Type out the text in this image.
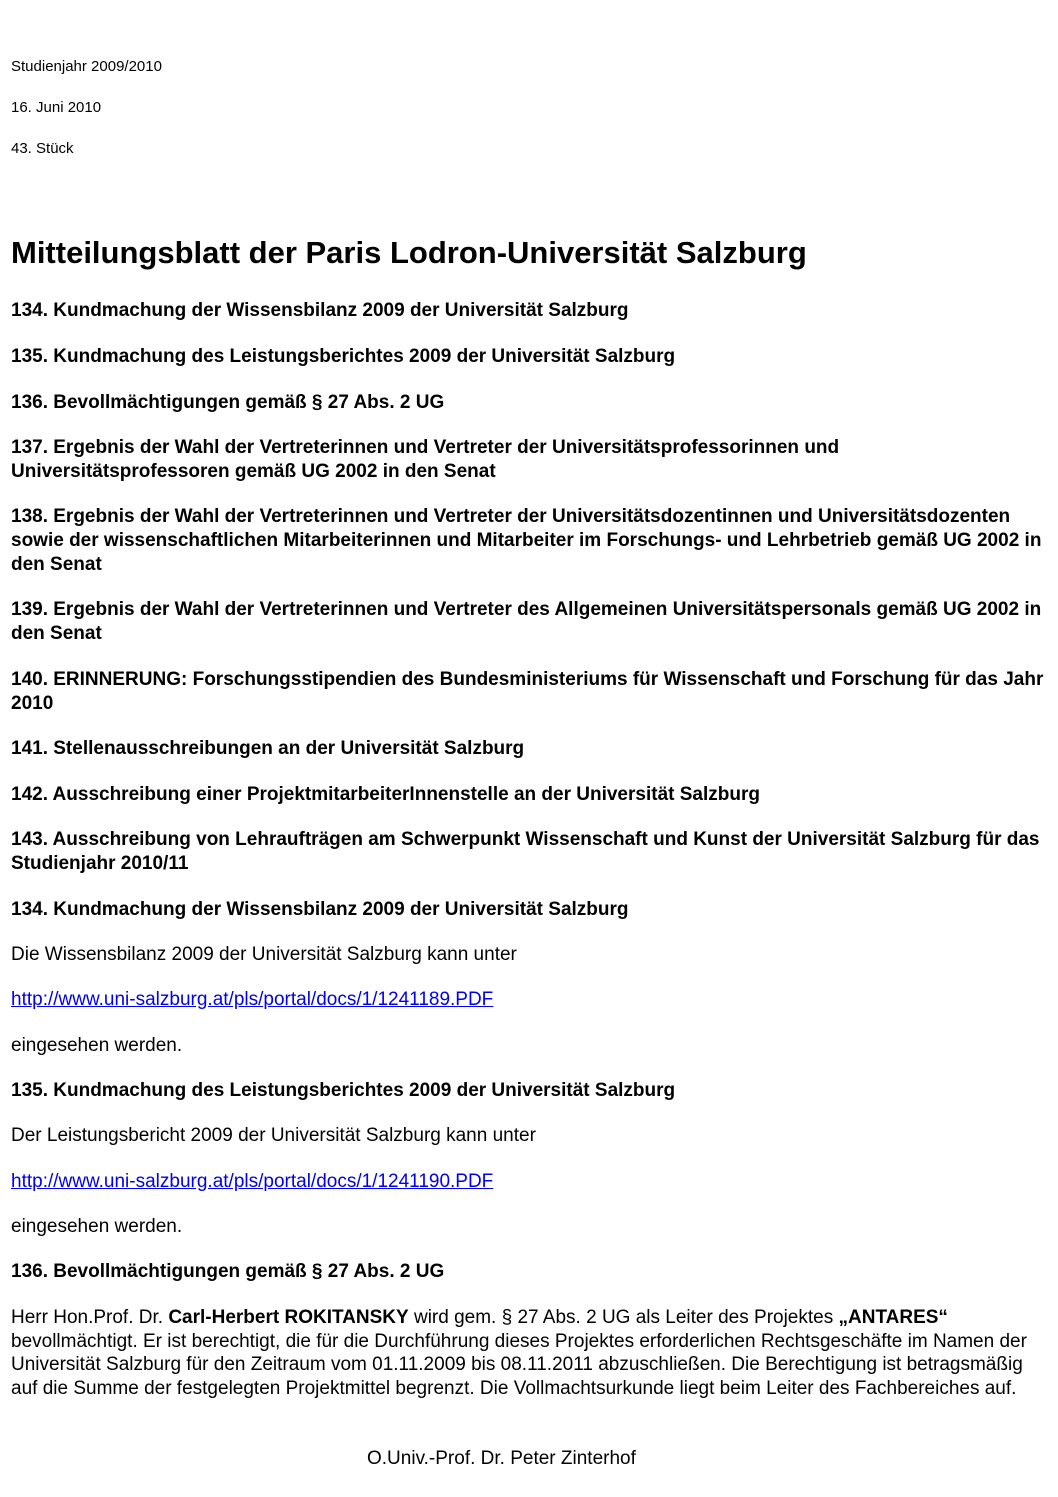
Studienjahr 2009/2010
16. Juni 2010
43. Stück
Mitteilungsblatt der Paris Lodron-Universität Salzburg
134. Kundmachung der Wissensbilanz 2009 der Universität Salzburg
135. Kundmachung des Leistungsberichtes 2009 der Universität Salzburg
136. Bevollmächtigungen gemäß § 27 Abs. 2 UG
137. Ergebnis der Wahl der Vertreterinnen und Vertreter der Universitätsprofessorinnen und Universitätsprofessoren gemäß UG 2002 in den Senat
138. Ergebnis der Wahl der Vertreterinnen und Vertreter der Universitätsdozentinnen und Universitätsdozenten sowie der wissenschaftlichen Mitarbeiterinnen und Mitarbeiter im Forschungs- und Lehrbetrieb gemäß UG 2002 in den Senat
139. Ergebnis der Wahl der Vertreterinnen und Vertreter des Allgemeinen Universitätspersonals gemäß UG 2002 in den Senat
140. ERINNERUNG: Forschungsstipendien des Bundesministeriums für Wissenschaft und Forschung für das Jahr 2010
141. Stellenausschreibungen an der Universität Salzburg
142. Ausschreibung einer ProjektmitarbeiterInnenstelle an der Universität Salzburg
143. Ausschreibung von Lehraufträgen am Schwerpunkt Wissenschaft und Kunst der Universität Salzburg für das Studienjahr 2010/11
134. Kundmachung der Wissensbilanz 2009 der Universität Salzburg
Die Wissensbilanz 2009 der Universität Salzburg kann unter
http://www.uni-salzburg.at/pls/portal/docs/1/1241189.PDF
eingesehen werden.
135. Kundmachung des Leistungsberichtes 2009 der Universität Salzburg
Der Leistungsbericht 2009 der Universität Salzburg kann unter
http://www.uni-salzburg.at/pls/portal/docs/1/1241190.PDF
eingesehen werden.
136. Bevollmächtigungen gemäß § 27 Abs. 2 UG
Herr Hon.Prof. Dr. Carl-Herbert ROKITANSKY wird gem. § 27 Abs. 2 UG als Leiter des Projektes „ANTARES“ bevollmächtigt. Er ist berechtigt, die für die Durchführung dieses Projektes erforderlichen Rechtsgeschäfte im Namen der Universität Salzburg für den Zeitraum vom 01.11.2009 bis 08.11.2011 abzuschließen. Die Berechtigung ist betragsmäßig auf die Summe der festgelegten Projektmittel begrenzt. Die Vollmachtsurkunde liegt beim Leiter des Fachbereiches auf.
O.Univ.-Prof. Dr. Peter Zinterhof
